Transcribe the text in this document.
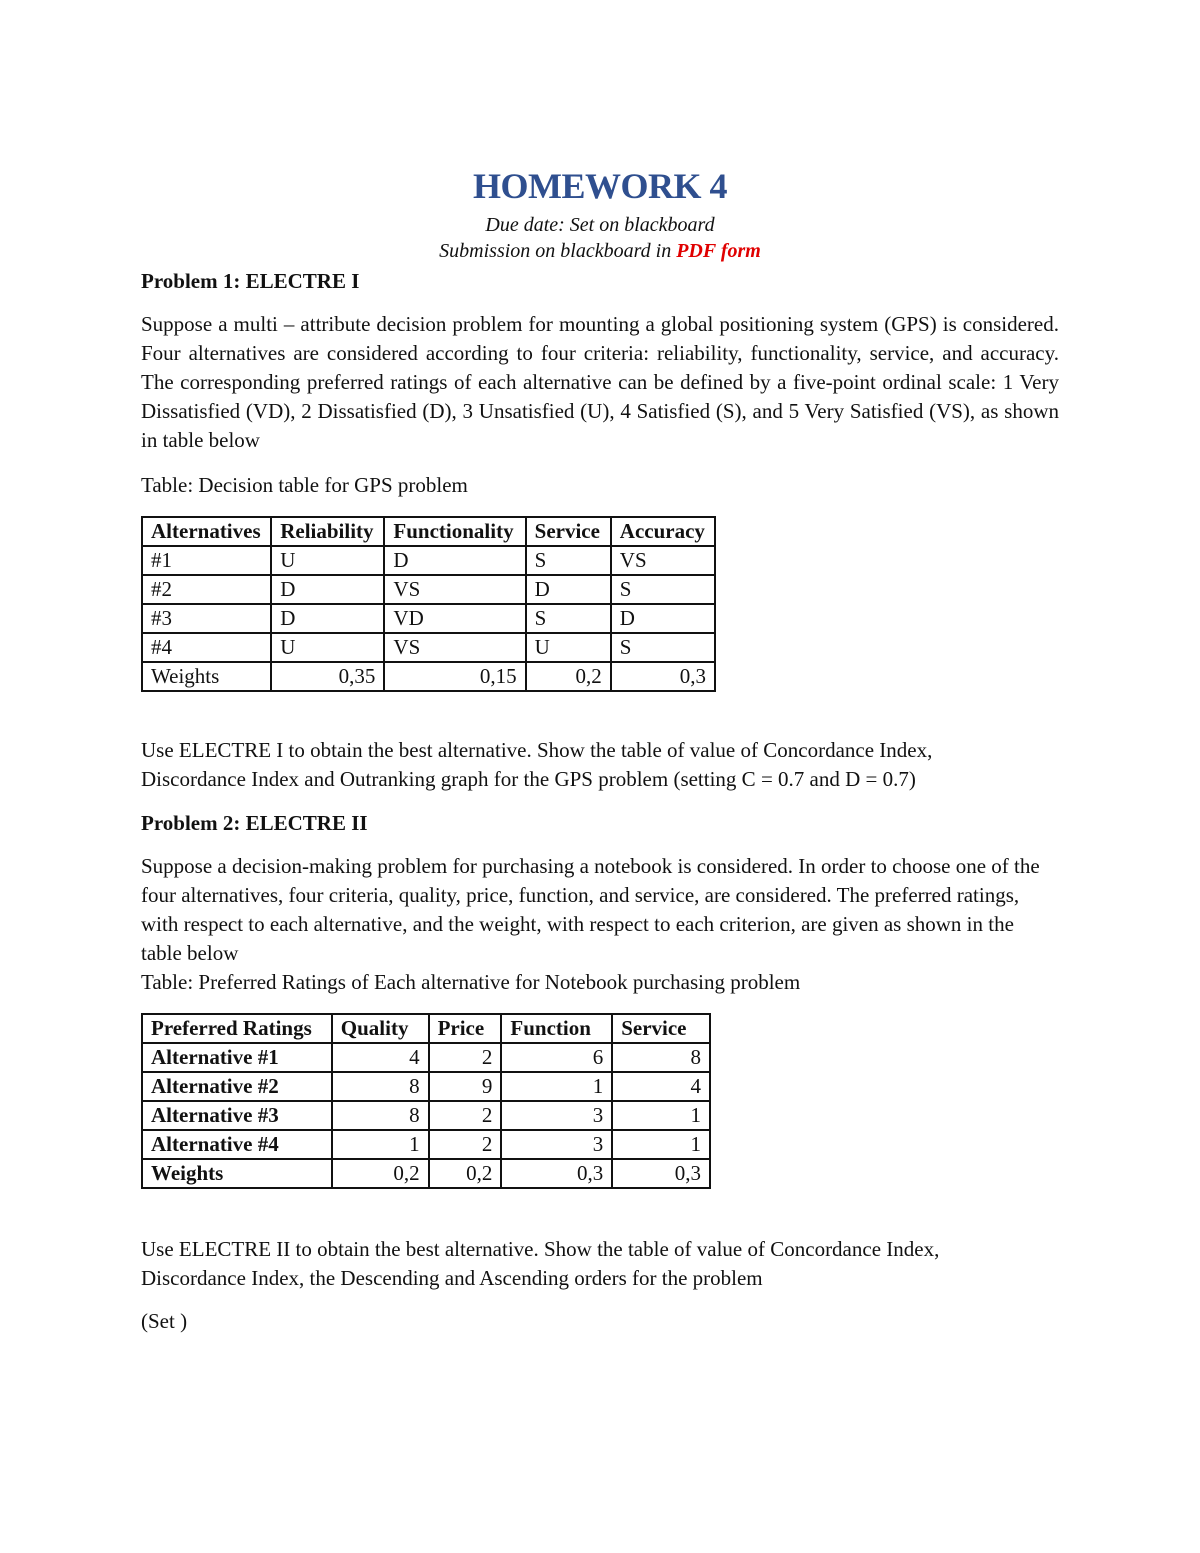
HOMEWORK 4

Due date: Set on blackboard

Submission on blackboard in PDF form

Problem 1: ELECTRE I

Suppose a multi – attribute decision problem for mounting a global positioning system (GPS) is considered. Four alternatives are considered according to four criteria: reliability, functionality, service, and accuracy. The corresponding preferred ratings of each alternative can be defined by a five-point ordinal scale: 1 Very Dissatisfied (VD), 2 Dissatisfied (D), 3 Unsatisfied (U), 4 Satisfied (S), and 5 Very Satisfied (VS), as shown in table below

Table: Decision table for GPS problem

Alternatives	Reliability	Functionality	Service	Accuracy
#1	U	D	S	VS
#2	D	VS	D	S
#3	D	VD	S	D
#4	U	VS	U	S
Weights	0,35	0,15	0,2	0,3

Use ELECTRE I to obtain the best alternative. Show the table of value of Concordance Index,

Discordance Index and Outranking graph for the GPS problem (setting C = 0.7 and D = 0.7)

Problem 2: ELECTRE II

Suppose a decision-making problem for purchasing a notebook is considered. In order to choose one of the four alternatives, four criteria, quality, price, function, and service, are considered. The preferred ratings, with respect to each alternative, and the weight, with respect to each criterion, are given as shown in the table below

Table: Preferred Ratings of Each alternative for Notebook purchasing problem

Preferred Ratings	Quality	Price	Function	Service
Alternative #1	4	2	6	8
Alternative #2	8	9	1	4
Alternative #3	8	2	3	1
Alternative #4	1	2	3	1
Weights	0,2	0,2	0,3	0,3

Use ELECTRE II to obtain the best alternative. Show the table of value of Concordance Index,

Discordance Index, the Descending and Ascending orders for the problem

(Set )
